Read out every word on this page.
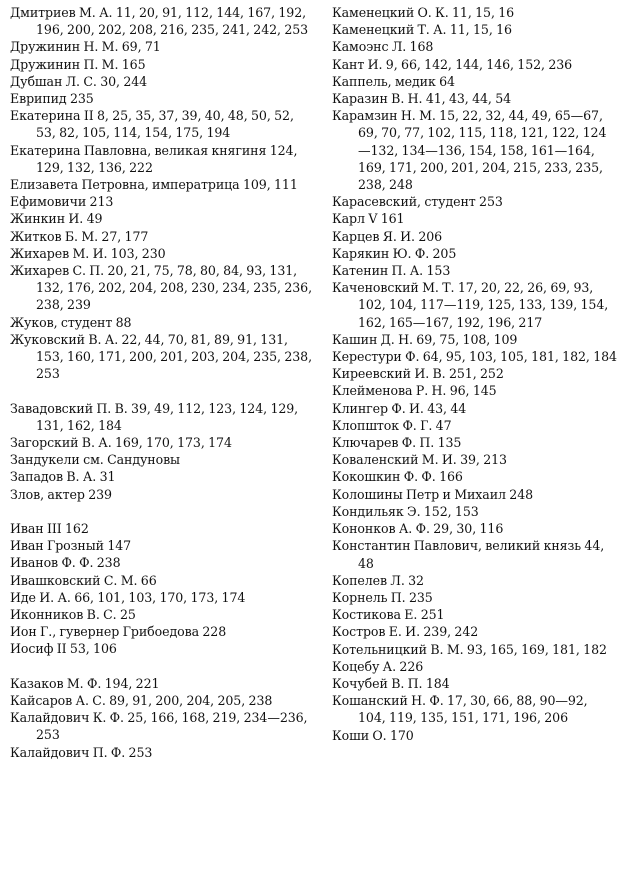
Дмитриев М. А. 11, 20, 91, 112, 144, 167, 192, 196, 200, 202, 208, 216, 235, 241, 242, 253

Дружинин Н. М. 69, 71

Дружинин П. М. 165

Дубшан Л. С. 30, 244

Еврипид 235

Екатерина II 8, 25, 35, 37, 39, 40, 48, 50, 52, 53, 82, 105, 114, 154, 175, 194

Екатерина Павловна, великая княгиня 124, 129, 132, 136, 222

Елизавета Петровна, императрица 109, 111

Ефимовичи 213

Жинкин И. 49

Житков Б. М. 27, 177

Жихарев М. И. 103, 230

Жихарев С. П. 20, 21, 75, 78, 80, 84, 93, 131, 132, 176, 202, 204, 208, 230, 234, 235, 236, 238, 239

Жуков, студент 88

Жуковский В. А. 22, 44, 70, 81, 89, 91, 131, 153, 160, 171, 200, 201, 203, 204, 235, 238, 253

Завадовский П. В. 39, 49, 112, 123, 124, 129, 131, 162, 184

Загорский В. А. 169, 170, 173, 174

Зандукели см. Сандуновы

Западов В. А. 31

Злов, актер 239

Иван III 162

Иван Грозный 147

Иванов Ф. Ф. 238

Ивашковский С. М. 66

Иде И. А. 66, 101, 103, 170, 173, 174

Иконников В. С. 25

Ион Г., гувернер Грибоедова 228

Иосиф II 53, 106

Казаков М. Ф. 194, 221

Кайсаров А. С. 89, 91, 200, 204, 205, 238

Калайдович К. Ф. 25, 166, 168, 219, 234—236, 253

Калайдович П. Ф. 253

Каменецкий О. К. 11, 15, 16

Каменецкий Т. А. 11, 15, 16

Камоэнс Л. 168

Кант И. 9, 66, 142, 144, 146, 152, 236

Каппель, медик 64

Каразин В. Н. 41, 43, 44, 54

Карамзин Н. М. 15, 22, 32, 44, 49, 65—67, 69, 70, 77, 102, 115, 118, 121, 122, 124—132, 134—136, 154, 158, 161—164, 169, 171, 200, 201, 204, 215, 233, 235, 238, 248

Карасевский, студент 253

Карл V 161

Карцев Я. И. 206

Карякин Ю. Ф. 205

Катенин П. А. 153

Каченовский М. Т. 17, 20, 22, 26, 69, 93, 102, 104, 117—119, 125, 133, 139, 154, 162, 165—167, 192, 196, 217

Кашин Д. Н. 69, 75, 108, 109

Керестури Ф. 64, 95, 103, 105, 181, 182, 184

Киреевский И. В. 251, 252

Клейменова Р. Н. 96, 145

Клингер Ф. И. 43, 44

Клопшток Ф. Г. 47

Ключарев Ф. П. 135

Коваленский М. И. 39, 213

Кокошкин Ф. Ф. 166

Колошины Петр и Михаил 248

Кондильяк Э. 152, 153

Кононков А. Ф. 29, 30, 116

Константин Павлович, великий князь 44, 48

Копелев Л. 32

Корнель П. 235

Костикова Е. 251

Костров Е. И. 239, 242

Котельницкий В. М. 93, 165, 169, 181, 182

Коцебу А. 226

Кочубей В. П. 184

Кошанский Н. Ф. 17, 30, 66, 88, 90—92, 104, 119, 135, 151, 171, 196, 206

Коши О. 170
